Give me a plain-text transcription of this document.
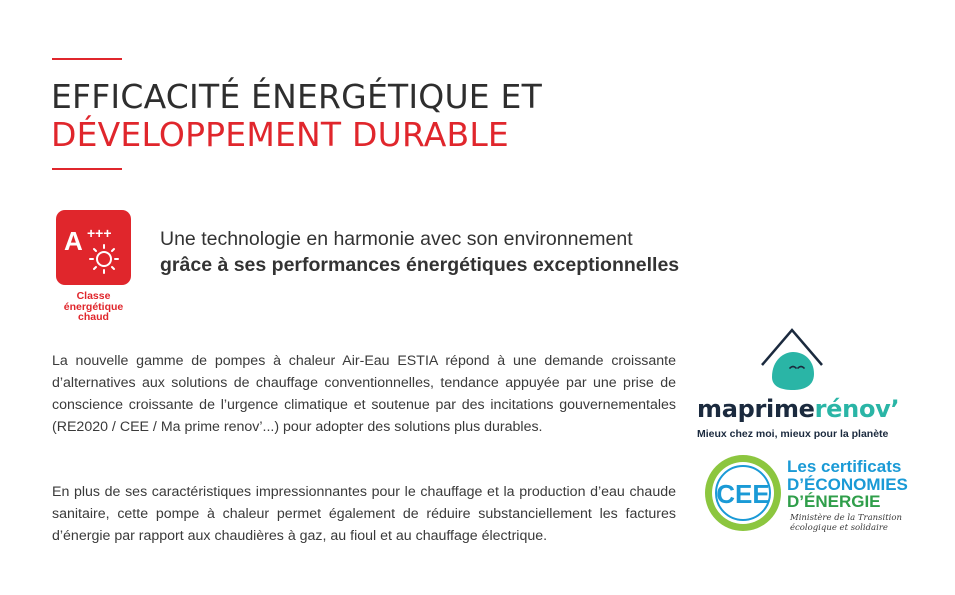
EFFICACITÉ ÉNERGÉTIQUE ET
DÉVELOPPEMENT DURABLE
A +++
Classe
énergétique
chaud
Une technologie en harmonie avec son environnement
grâce à ses performances énergétiques exceptionnelles

La nouvelle gamme de pompes à chaleur Air-Eau ESTIA répond à une demande croissante d’alternatives aux solutions de chauffage conventionnelles, tendance appuyée par une prise de conscience croissante de l’urgence climatique et soutenue par des incitations gouvernementales (RE2020 / CEE / Ma prime renov’...) pour adopter des solutions plus durables.

En plus de ses caractéristiques impressionnantes pour le chauffage et la production d’eau chaude sanitaire, cette pompe à chaleur permet également de réduire substanciellement les factures d’énergie par rapport aux chaudières à gaz, au fioul et au chauffage électrique.

maprimerénov’
Mieux chez moi, mieux pour la planète
CEE
Les certificats
D’ÉCONOMIES
D’ÉNERGIE
Ministère de la Transition
écologique et solidaire
